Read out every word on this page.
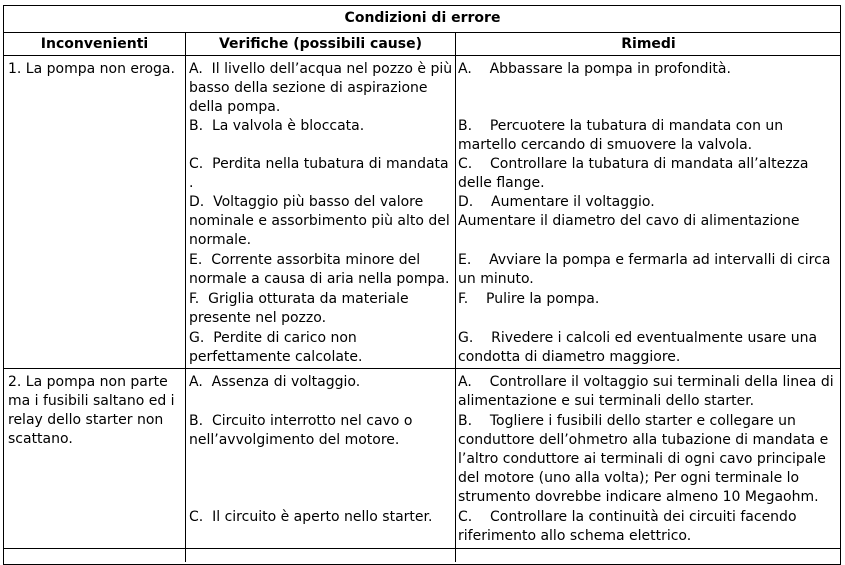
Condizioni di errore
Inconvenienti	Verifiche (possibili cause)	Rimedi
1. La pompa non eroga. A.  Il livello dell’acqua nel pozzo è più
basso della sezione di aspirazione
della pompa.
B.  La valvola è bloccata.
C.  Perdita nella tubatura di mandata
.
D.  Voltaggio più basso del valore
nominale e assorbimento più alto del
normale.
E.  Corrente assorbita minore del
normale a causa di aria nella pompa.
F.  Griglia otturata da materiale
presente nel pozzo.
G.  Perdite di carico non
perfettamente calcolate.
A.    Abbassare la pompa in profondità.
B.    Percuotere la tubatura di mandata con un
martello cercando di smuovere la valvola.
C.    Controllare la tubatura di mandata all’altezza
delle flange.
D.    Aumentare il voltaggio.
Aumentare il diametro del cavo di alimentazione
E.    Avviare la pompa e fermarla ad intervalli di circa
un minuto.
F.    Pulire la pompa.
G.    Rivedere i calcoli ed eventualmente usare una
condotta di diametro maggiore.
2. La pompa non parte
ma i fusibili saltano ed i
relay dello starter non
scattano.
A.  Assenza di voltaggio.
B.  Circuito interrotto nel cavo o
nell’avvolgimento del motore.
C.  Il circuito è aperto nello starter.
A.    Controllare il voltaggio sui terminali della linea di
alimentazione e sui terminali dello starter.
B.    Togliere i fusibili dello starter e collegare un
conduttore dell’ohmetro alla tubazione di mandata e
l’altro conduttore ai terminali di ogni cavo principale
del motore (uno alla volta); Per ogni terminale lo
strumento dovrebbe indicare almeno 10 Megaohm.
C.    Controllare la continuità dei circuiti facendo
riferimento allo schema elettrico.
